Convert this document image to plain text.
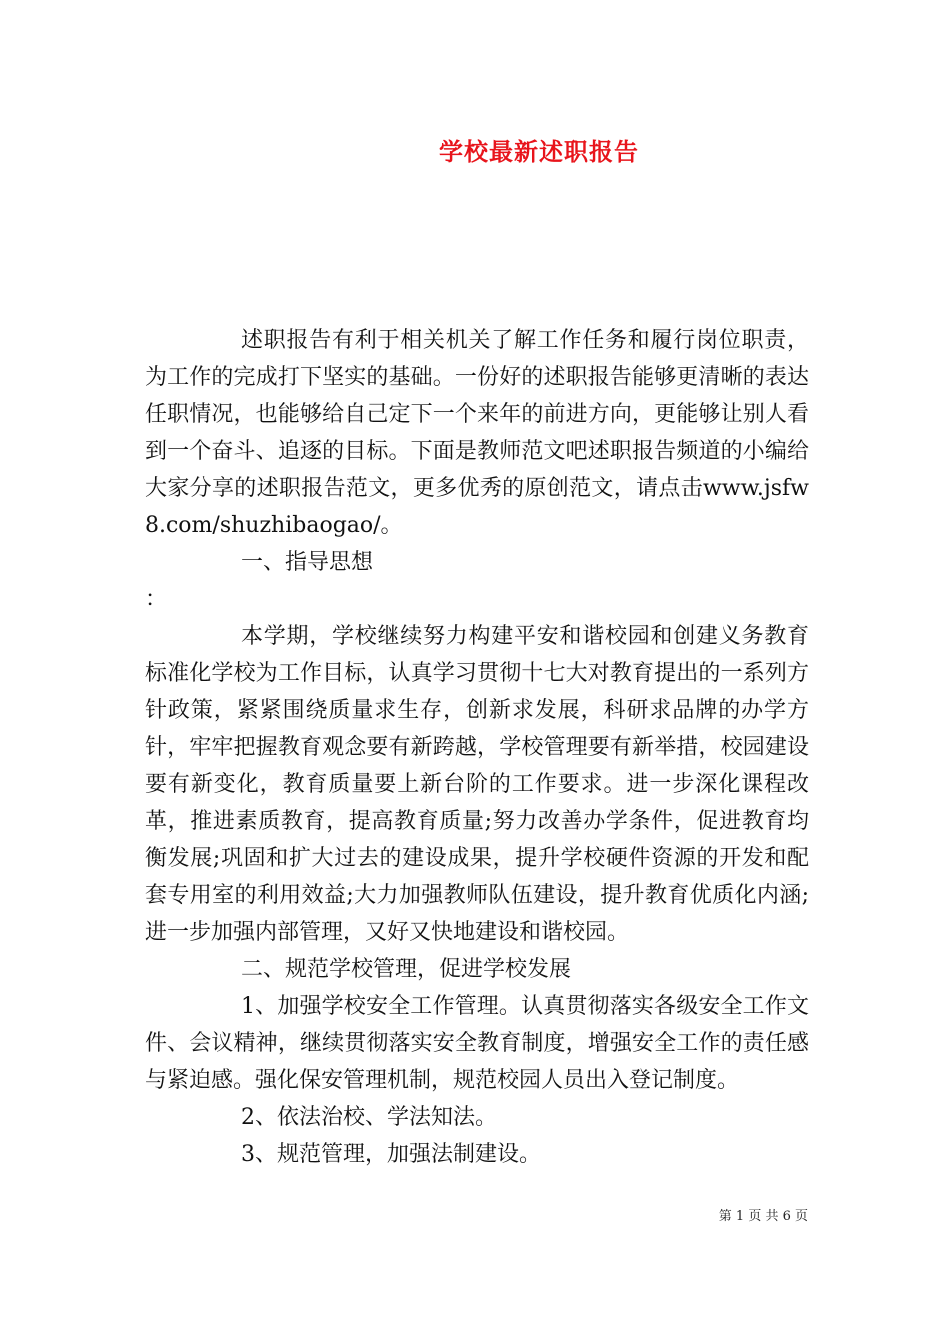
学校最新述职报告

述职报告有利于相关机关了解工作任务和履行岗位职责，为工作的完成打下坚实的基础。一份好的述职报告能够更清晰的表达任职情况，也能够给自己定下一个来年的前进方向，更能够让别人看到一个奋斗、追逐的目标。下面是教师范文吧述职报告频道的小编给大家分享的述职报告范文，更多优秀的原创范文，请点击www.jsfw8.com/shuzhibaogao/。

一、指导思想

：

本学期，学校继续努力构建平安和谐校园和创建义务教育标准化学校为工作目标，认真学习贯彻十七大对教育提出的一系列方针政策，紧紧围绕质量求生存，创新求发展，科研求品牌的办学方针，牢牢把握教育观念要有新跨越，学校管理要有新举措，校园建设要有新变化，教育质量要上新台阶的工作要求。进一步深化课程改革，推进素质教育，提高教育质量;努力改善办学条件，促进教育均衡发展;巩固和扩大过去的建设成果，提升学校硬件资源的开发和配套专用室的利用效益;大力加强教师队伍建设，提升教育优质化内涵;进一步加强内部管理，又好又快地建设和谐校园。

二、规范学校管理，促进学校发展

1、加强学校安全工作管理。认真贯彻落实各级安全工作文件、会议精神，继续贯彻落实安全教育制度，增强安全工作的责任感与紧迫感。强化保安管理机制，规范校园人员出入登记制度。

2、依法治校、学法知法。

3、规范管理，加强法制建设。

第 1 页 共 6 页
